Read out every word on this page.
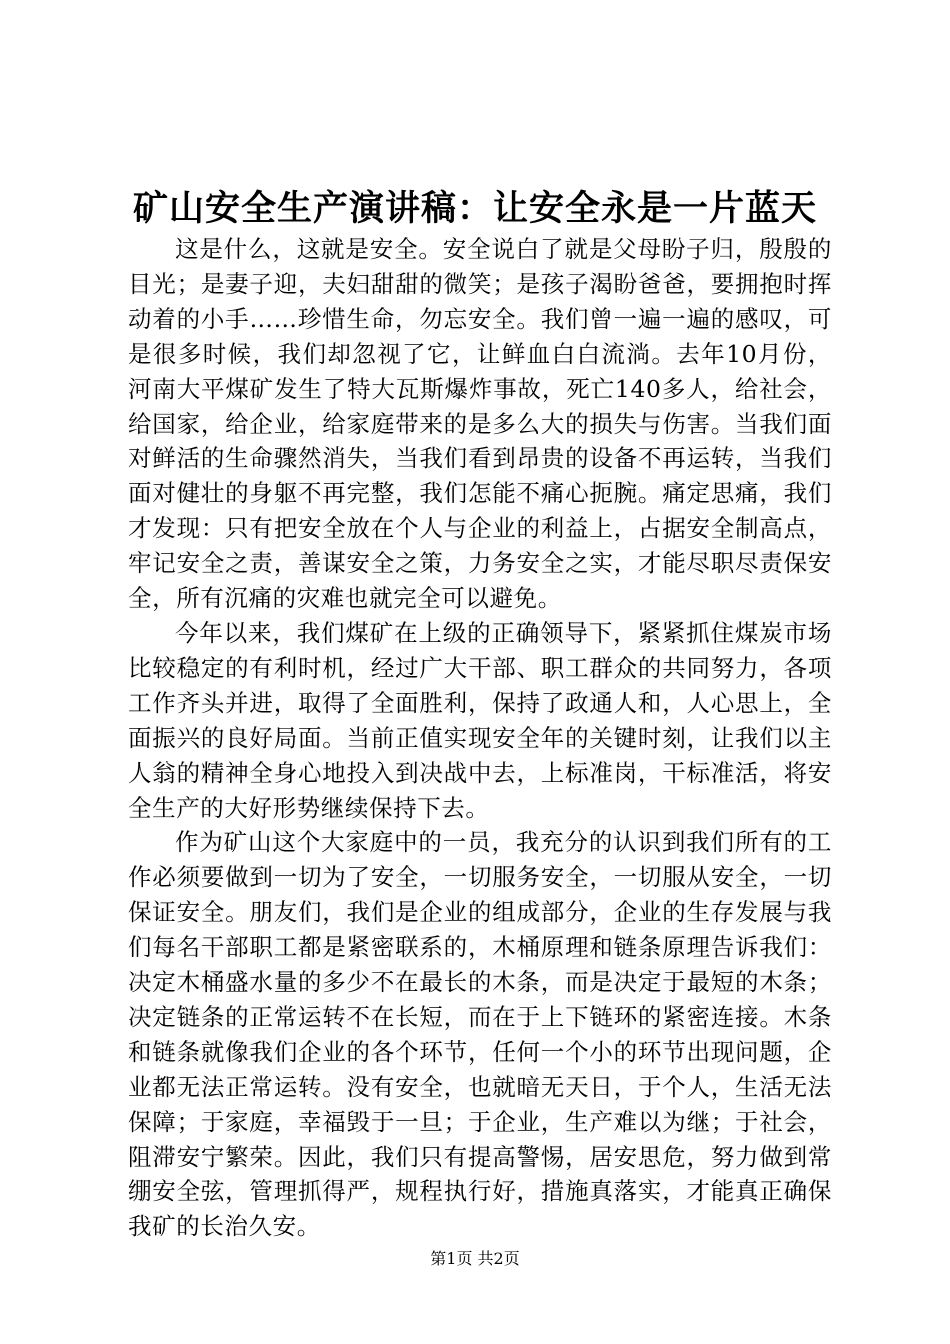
矿山安全生产演讲稿：让安全永是一片蓝天

这是什么，这就是安全。安全说白了就是父母盼子归，殷殷的目光；是妻子迎，夫妇甜甜的微笑；是孩子渴盼爸爸，要拥抱时挥动着的小手……珍惜生命，勿忘安全。我们曾一遍一遍的感叹，可是很多时候，我们却忽视了它，让鲜血白白流淌。去年10月份，河南大平煤矿发生了特大瓦斯爆炸事故，死亡140多人，给社会，给国家，给企业，给家庭带来的是多么大的损失与伤害。当我们面对鲜活的生命骤然消失，当我们看到昂贵的设备不再运转，当我们面对健壮的身躯不再完整，我们怎能不痛心扼腕。痛定思痛，我们才发现：只有把安全放在个人与企业的利益上，占据安全制高点，牢记安全之责，善谋安全之策，力务安全之实，才能尽职尽责保安全，所有沉痛的灾难也就完全可以避免。

今年以来，我们煤矿在上级的正确领导下，紧紧抓住煤炭市场比较稳定的有利时机，经过广大干部、职工群众的共同努力，各项工作齐头并进，取得了全面胜利，保持了政通人和，人心思上，全面振兴的良好局面。当前正值实现安全年的关键时刻，让我们以主人翁的精神全身心地投入到决战中去，上标准岗，干标准活，将安全生产的大好形势继续保持下去。

作为矿山这个大家庭中的一员，我充分的认识到我们所有的工作必须要做到一切为了安全，一切服务安全，一切服从安全，一切保证安全。朋友们，我们是企业的组成部分，企业的生存发展与我们每名干部职工都是紧密联系的，木桶原理和链条原理告诉我们：决定木桶盛水量的多少不在最长的木条，而是决定于最短的木条；决定链条的正常运转不在长短，而在于上下链环的紧密连接。木条和链条就像我们企业的各个环节，任何一个小的环节出现问题，企业都无法正常运转。没有安全，也就暗无天日，于个人，生活无法保障；于家庭，幸福毁于一旦；于企业，生产难以为继；于社会，阻滞安宁繁荣。因此，我们只有提高警惕，居安思危，努力做到常绷安全弦，管理抓得严，规程执行好，措施真落实，才能真正确保我矿的长治久安。

第1页 共2页
